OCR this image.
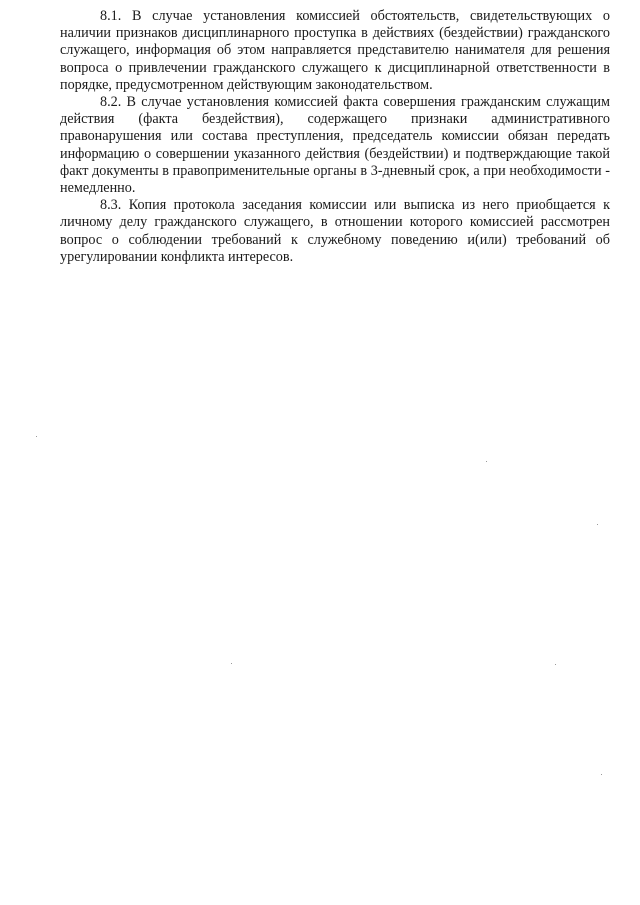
8.1. В случае установления комиссией обстоятельств, свидетельствующих о наличии признаков дисциплинарного проступка в действиях (бездействии) гражданского служащего, информация об этом направляется представителю нанимателя для решения вопроса о привлечении гражданского служащего к дисциплинарной ответственности в порядке, предусмотренном действующим законодательством.

8.2. В случае установления комиссией факта совершения гражданским служащим действия (факта бездействия), содержащего признаки административного правонарушения или состава преступления, председатель комиссии обязан передать информацию о совершении указанного действия (бездействии) и подтверждающие такой факт документы в правоприменительные органы в 3-дневный срок, а при необходимости - немедленно.

8.3. Копия протокола заседания комиссии или выписка из него приобщается к личному делу гражданского служащего, в отношении которого комиссией рассмотрен вопрос о соблюдении требований к служебному поведению и(или) требований об урегулировании конфликта интересов.
